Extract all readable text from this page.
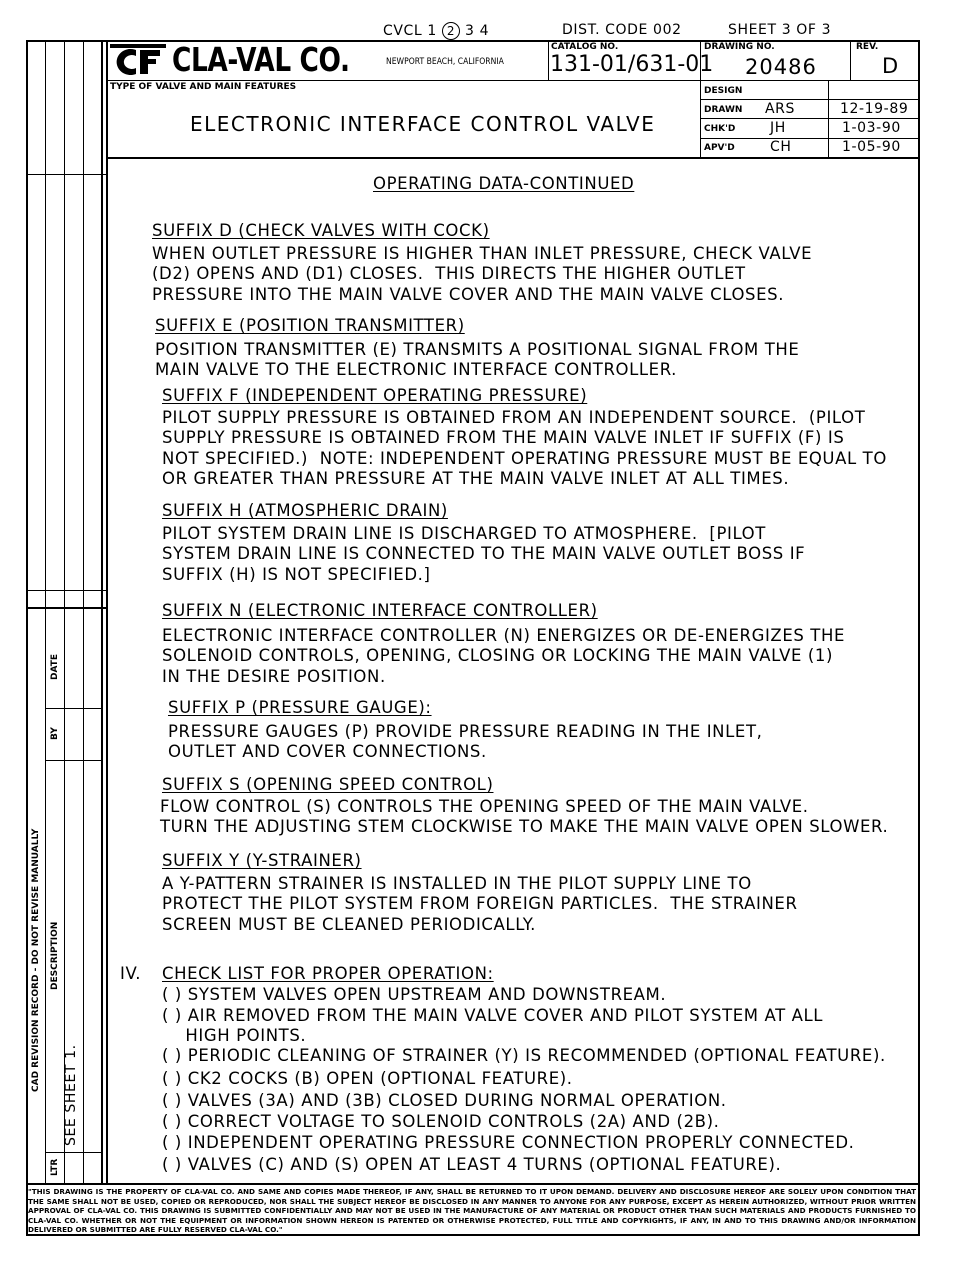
CVCL 1 2 3 4	DIST. CODE 002	SHEET 3 OF 3
CAD REVISION RECORD - DO NOT REVISE MANUALLY
DATE
BY
DESCRIPTION
LTR
SEE SHEET 1.
CLA-VAL CO.	NEWPORT BEACH, CALIFORNIA
CATALOG NO.
131-01/631-01
DRAWING NO.
20486
REV.
D
TYPE OF VALVE AND MAIN FEATURES
ELECTRONIC INTERFACE CONTROL VALVE
DESIGN
DRAWN ARS	12-19-89
CHK'D JH	1-03-90
APV'D	CH	1-05-90
OPERATING DATA-CONTINUED
SUFFIX D (CHECK VALVES WITH COCK)
WHEN OUTLET PRESSURE IS HIGHER THAN INLET PRESSURE, CHECK VALVE
(D2) OPENS AND (D1) CLOSES.  THIS DIRECTS THE HIGHER OUTLET
PRESSURE INTO THE MAIN VALVE COVER AND THE MAIN VALVE CLOSES.
SUFFIX E (POSITION TRANSMITTER)
POSITION TRANSMITTER (E) TRANSMITS A POSITIONAL SIGNAL FROM THE
MAIN VALVE TO THE ELECTRONIC INTERFACE CONTROLLER.
SUFFIX F (INDEPENDENT OPERATING PRESSURE)
PILOT SUPPLY PRESSURE IS OBTAINED FROM AN INDEPENDENT SOURCE.  (PILOT
SUPPLY PRESSURE IS OBTAINED FROM THE MAIN VALVE INLET IF SUFFIX (F) IS
NOT SPECIFIED.)  NOTE: INDEPENDENT OPERATING PRESSURE MUST BE EQUAL TO
OR GREATER THAN PRESSURE AT THE MAIN VALVE INLET AT ALL TIMES.
SUFFIX H (ATMOSPHERIC DRAIN)
PILOT SYSTEM DRAIN LINE IS DISCHARGED TO ATMOSPHERE.  [PILOT
SYSTEM DRAIN LINE IS CONNECTED TO THE MAIN VALVE OUTLET BOSS IF
SUFFIX (H) IS NOT SPECIFIED.]
SUFFIX N (ELECTRONIC INTERFACE CONTROLLER)
ELECTRONIC INTERFACE CONTROLLER (N) ENERGIZES OR DE-ENERGIZES THE
SOLENOID CONTROLS, OPENING, CLOSING OR LOCKING THE MAIN VALVE (1)
IN THE DESIRE POSITION.
SUFFIX P (PRESSURE GAUGE):
PRESSURE GAUGES (P) PROVIDE PRESSURE READING IN THE INLET,
OUTLET AND COVER CONNECTIONS.
SUFFIX S (OPENING SPEED CONTROL)
FLOW CONTROL (S) CONTROLS THE OPENING SPEED OF THE MAIN VALVE.
TURN THE ADJUSTING STEM CLOCKWISE TO MAKE THE MAIN VALVE OPEN SLOWER.
SUFFIX Y (Y-STRAINER)
A Y-PATTERN STRAINER IS INSTALLED IN THE PILOT SUPPLY LINE TO
PROTECT THE PILOT SYSTEM FROM FOREIGN PARTICLES.  THE STRAINER
SCREEN MUST BE CLEANED PERIODICALLY.
IV. CHECK LIST FOR PROPER OPERATION:
( ) SYSTEM VALVES OPEN UPSTREAM AND DOWNSTREAM.
( ) AIR REMOVED FROM THE MAIN VALVE COVER AND PILOT SYSTEM AT ALL
HIGH POINTS.
( ) PERIODIC CLEANING OF STRAINER (Y) IS RECOMMENDED (OPTIONAL FEATURE).
( ) CK2 COCKS (B) OPEN (OPTIONAL FEATURE).
( ) VALVES (3A) AND (3B) CLOSED DURING NORMAL OPERATION.
( ) CORRECT VOLTAGE TO SOLENOID CONTROLS (2A) AND (2B).
( ) INDEPENDENT OPERATING PRESSURE CONNECTION PROPERLY CONNECTED.
( ) VALVES (C) AND (S) OPEN AT LEAST 4 TURNS (OPTIONAL FEATURE).
"THIS DRAWING IS THE PROPERTY OF CLA-VAL CO. AND SAME AND COPIES MADE THEREOF, IF ANY, SHALL BE RETURNED TO IT UPON DEMAND. DELIVERY AND DISCLOSURE HEREOF ARE SOLELY UPON CONDITION THAT THE SAME SHALL NOT BE USED, COPIED OR REPRODUCED, NOR SHALL THE SUBJECT HEREOF BE DISCLOSED IN ANY MANNER TO ANYONE FOR ANY PURPOSE, EXCEPT AS HEREIN AUTHORIZED, WITHOUT PRIOR WRITTEN APPROVAL OF CLA-VAL CO. THIS DRAWING IS SUBMITTED CONFIDENTIALLY AND MAY NOT BE USED IN THE MANUFACTURE OF ANY MATERIAL OR PRODUCT OTHER THAN SUCH MATERIALS AND PRODUCTS FURNISHED TO CLA-VAL CO. WHETHER OR NOT THE EQUIPMENT OR INFORMATION SHOWN HEREON IS PATENTED OR OTHERWISE PROTECTED, FULL TITLE AND COPYRIGHTS, IF ANY, IN AND TO THIS DRAWING AND/OR INFORMATION DELIVERED OR SUBMITTED ARE FULLY RESERVED CLA-VAL CO."
